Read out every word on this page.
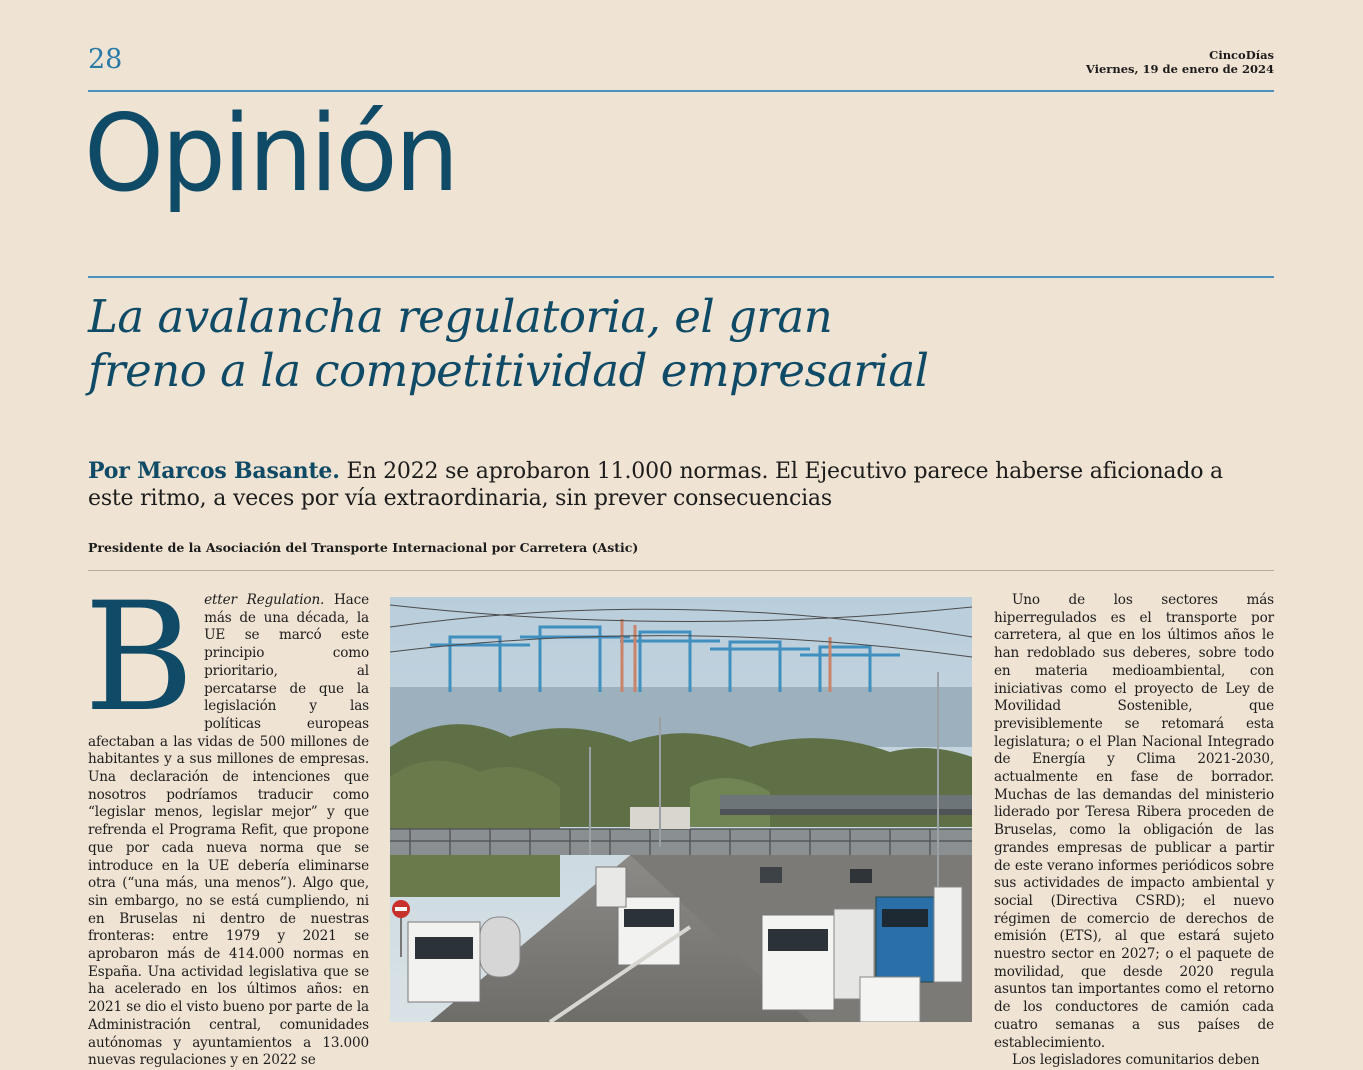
28	CincoDías
Viernes, 19 de enero de 2024
Opinión
La avalancha regulatoria, el gran
freno a la competitividad empresarial

Por Marcos Basante. En 2022 se aprobaron 11.000 normas. El Ejecutivo parece haberse aficionado a este ritmo, a veces por vía extraordinaria, sin prever consecuencias

Presidente de la Asociación del Transporte Internacional por Carretera (Astic)

Better Regulation. Hace más de una década, la UE se marcó este principio como prioritario, al percatarse de que la legislación y las políticas europeas afectaban a las vidas de 500 millones de habitantes y a sus millones de empresas. Una declaración de intenciones que nosotros podríamos traducir como “legislar menos, legislar mejor” y que refrenda el Programa Refit, que propone que por cada nueva norma que se introduce en la UE debería eliminarse otra (“una más, una menos”). Algo que, sin embargo, no se está cumpliendo, ni en Bruselas ni dentro de nuestras fronteras: entre 1979 y 2021 se aprobaron más de 414.000 normas en España. Una actividad legislativa que se ha acelerado en los últimos años: en 2021 se dio el visto bueno por parte de la Administración central, comunidades autónomas y ayuntamientos a 13.000 nuevas regulaciones y en 2022 se

Uno de los sectores más hiperregulados es el transporte por carretera, al que en los últimos años le han redoblado sus deberes, sobre todo en materia medioambiental, con iniciativas como el proyecto de Ley de Movilidad Sostenible, que previsiblemente se retomará esta legislatura; o el Plan Nacional Integrado de Energía y Clima 2021-2030, actualmente en fase de borrador. Muchas de las demandas del ministerio liderado por Teresa Ribera proceden de Bruselas, como la obligación de las grandes empresas de publicar a partir de este verano informes periódicos sobre sus actividades de impacto ambiental y social (Directiva CSRD); el nuevo régimen de comercio de derechos de emisión (ETS), al que estará sujeto nuestro sector en 2027; o el paquete de movilidad, que desde 2020 regula asuntos tan importantes como el retorno de los conductores de camión cada cuatro semanas a sus países de establecimiento.

Los legisladores comunitarios deben
